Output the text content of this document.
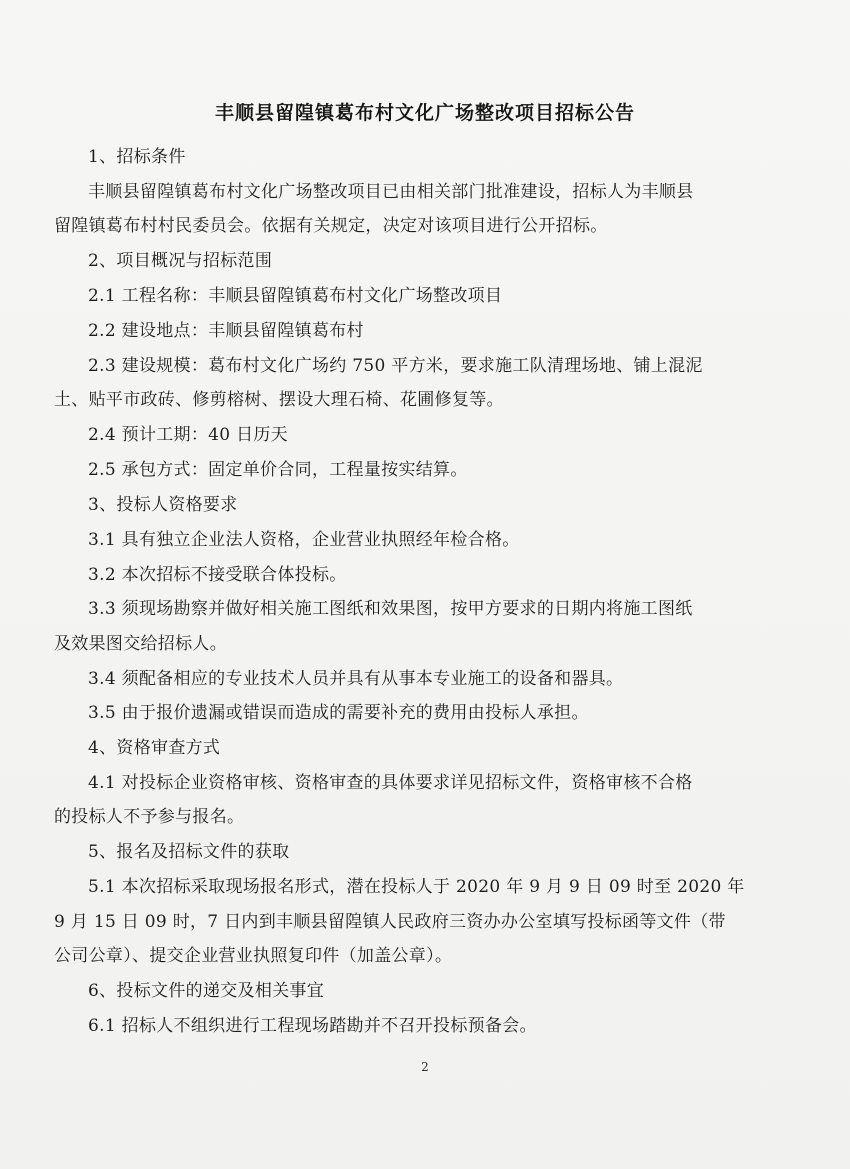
丰顺县留隍镇葛布村文化广场整改项目招标公告
1、招标条件
丰顺县留隍镇葛布村文化广场整改项目已由相关部门批准建设，招标人为丰顺县
留隍镇葛布村村民委员会。依据有关规定，决定对该项目进行公开招标。
2、项目概况与招标范围
2.1 工程名称：丰顺县留隍镇葛布村文化广场整改项目
2.2 建设地点：丰顺县留隍镇葛布村
2.3 建设规模：葛布村文化广场约 750 平方米，要求施工队清理场地、铺上混泥
土、贴平市政砖、修剪榕树、摆设大理石椅、花圃修复等。
2.4 预计工期：40 日历天
2.5 承包方式：固定单价合同，工程量按实结算。
3、投标人资格要求
3.1 具有独立企业法人资格，企业营业执照经年检合格。
3.2 本次招标不接受联合体投标。
3.3 须现场勘察并做好相关施工图纸和效果图，按甲方要求的日期内将施工图纸
及效果图交给招标人。
3.4 须配备相应的专业技术人员并具有从事本专业施工的设备和器具。
3.5 由于报价遗漏或错误而造成的需要补充的费用由投标人承担。
4、资格审查方式
4.1 对投标企业资格审核、资格审查的具体要求详见招标文件，资格审核不合格
的投标人不予参与报名。
5、报名及招标文件的获取
5.1 本次招标采取现场报名形式，潜在投标人于 2020 年 9 月 9 日 09 时至 2020 年
9 月 15 日 09 时，7 日内到丰顺县留隍镇人民政府三资办办公室填写投标函等文件（带
公司公章）、提交企业营业执照复印件（加盖公章）。
6、投标文件的递交及相关事宜
6.1 招标人不组织进行工程现场踏勘并不召开投标预备会。
2
